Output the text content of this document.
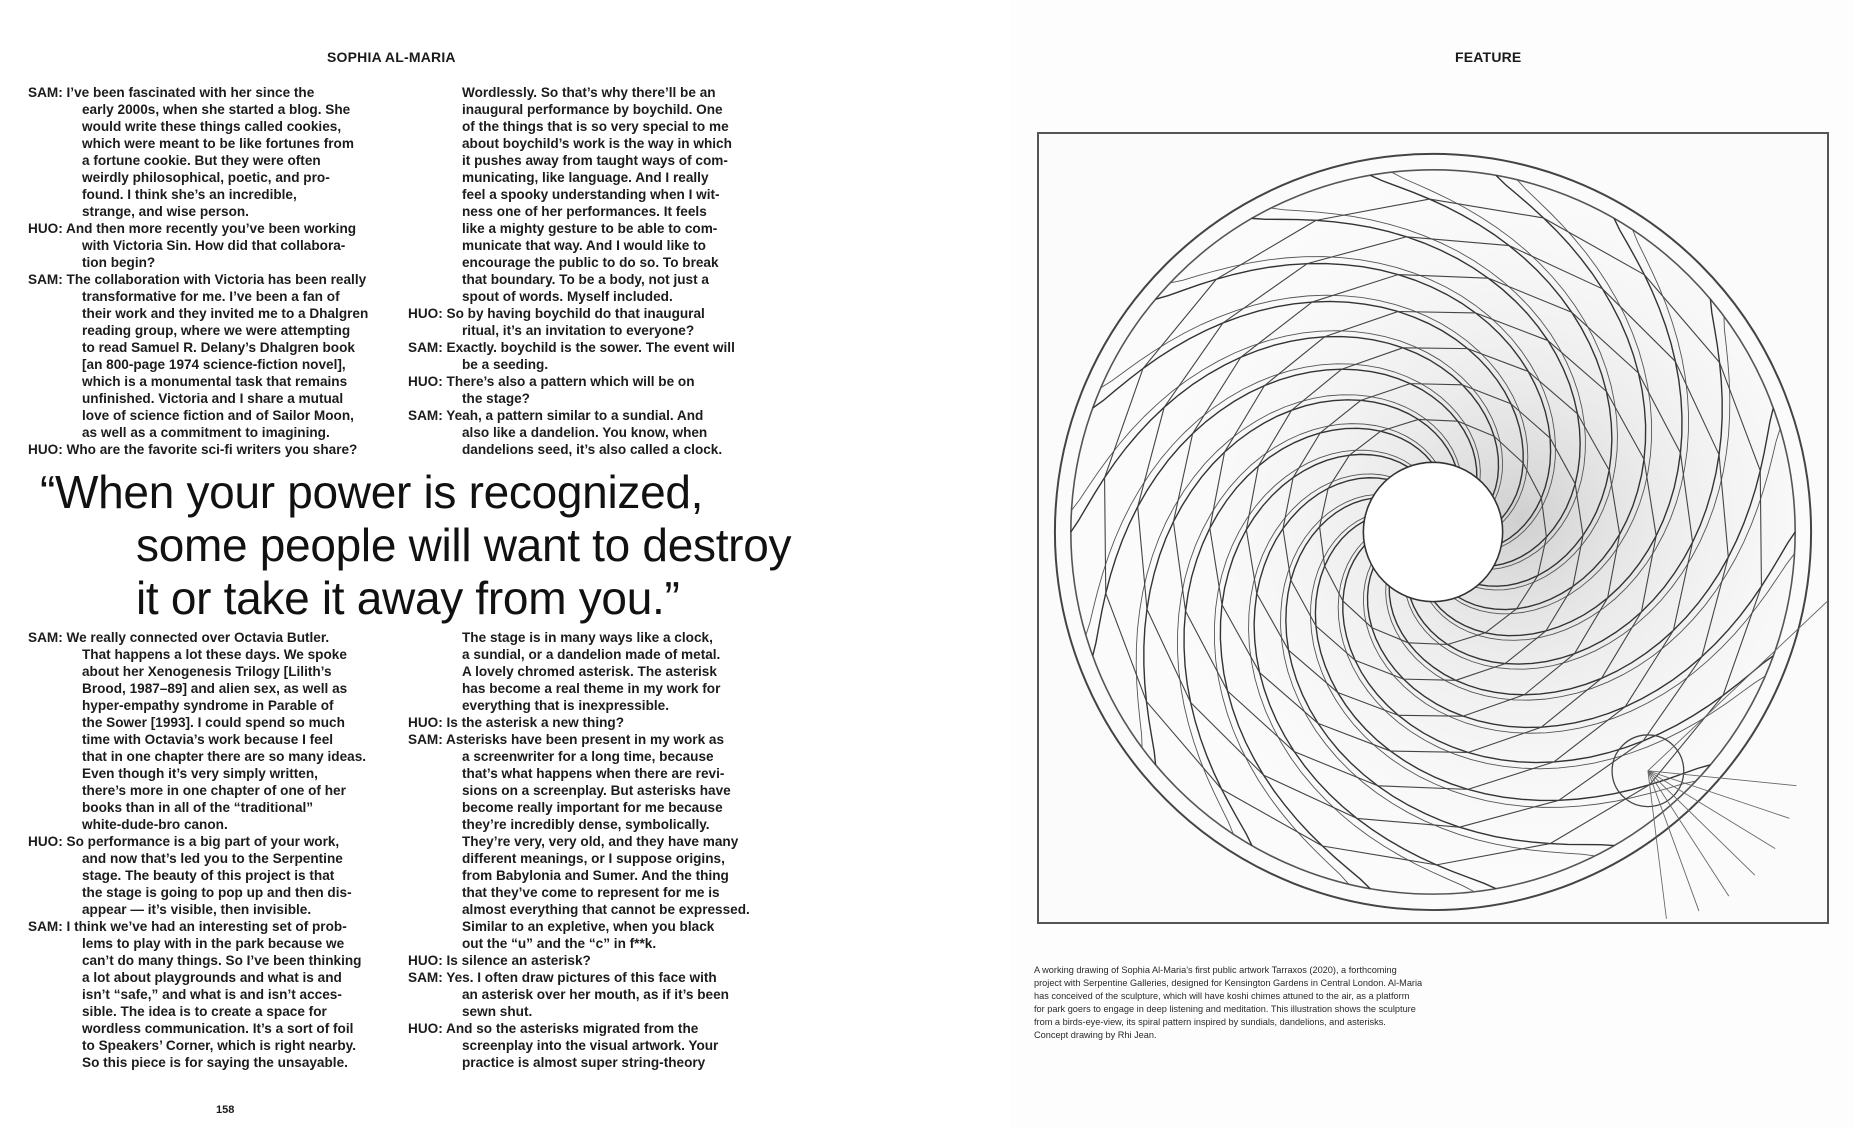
SOPHIA AL-MARIA
SAM: I’ve been fascinated with her since the
early 2000s, when she started a blog. She
would write these things called cookies,
which were meant to be like fortunes from
a fortune cookie. But they were often
weirdly philosophical, poetic, and pro-
found. I think she’s an incredible,
strange, and wise person.
HUO: And then more recently you’ve been working
with Victoria Sin. How did that collabora-
tion begin?
SAM: The collaboration with Victoria has been really
transformative for me. I’ve been a fan of
their work and they invited me to a Dhalgren
reading group, where we were attempting
to read Samuel R. Delany’s Dhalgren book
[an 800-page 1974 science-fiction novel],
which is a monumental task that remains
unfinished. Victoria and I share a mutual
love of science fiction and of Sailor Moon,
as well as a commitment to imagining.
HUO: Who are the favorite sci-fi writers you share?
Wordlessly. So that’s why there’ll be an
inaugural performance by boychild. One
of the things that is so very special to me
about boychild’s work is the way in which
it pushes away from taught ways of com-
municating, like language. And I really
feel a spooky understanding when I wit-
ness one of her performances. It feels
like a mighty gesture to be able to com-
municate that way. And I would like to
encourage the public to do so. To break
that boundary. To be a body, not just a
spout of words. Myself included.
HUO: So by having boychild do that inaugural
ritual, it’s an invitation to everyone?
SAM: Exactly. boychild is the sower. The event will
be a seeding.
HUO: There’s also a pattern which will be on
the stage?
SAM: Yeah, a pattern similar to a sundial. And
also like a dandelion. You know, when
dandelions seed, it’s also called a clock.
“When your power is recognized,
some people will want to destroy
it or take it away from you.”
SAM: We really connected over Octavia Butler.
That happens a lot these days. We spoke
about her Xenogenesis Trilogy [Lilith’s
Brood, 1987–89] and alien sex, as well as
hyper-empathy syndrome in Parable of
the Sower [1993]. I could spend so much
time with Octavia’s work because I feel
that in one chapter there are so many ideas.
Even though it’s very simply written,
there’s more in one chapter of one of her
books than in all of the “traditional”
white-dude-bro canon.
HUO: So performance is a big part of your work,
and now that’s led you to the Serpentine
stage. The beauty of this project is that
the stage is going to pop up and then dis-
appear — it’s visible, then invisible.
SAM: I think we’ve had an interesting set of prob-
lems to play with in the park because we
can’t do many things. So I’ve been thinking
a lot about playgrounds and what is and
isn’t “safe,” and what is and isn’t acces-
sible. The idea is to create a space for
wordless communication. It’s a sort of foil
to Speakers’ Corner, which is right nearby.
So this piece is for saying the unsayable.
The stage is in many ways like a clock,
a sundial, or a dandelion made of metal.
A lovely chromed asterisk. The asterisk
has become a real theme in my work for
everything that is inexpressible.
HUO: Is the asterisk a new thing?
SAM: Asterisks have been present in my work as
a screenwriter for a long time, because
that’s what happens when there are revi-
sions on a screenplay. But asterisks have
become really important for me because
they’re incredibly dense, symbolically.
They’re very, very old, and they have many
different meanings, or I suppose origins,
from Babylonia and Sumer. And the thing
that they’ve come to represent for me is
almost everything that cannot be expressed.
Similar to an expletive, when you black
out the “u” and the “c” in f**k.
HUO: Is silence an asterisk?
SAM: Yes. I often draw pictures of this face with
an asterisk over her mouth, as if it’s been
sewn shut.
HUO: And so the asterisks migrated from the
screenplay into the visual artwork. Your
practice is almost super string-theory
158
FEATURE
A working drawing of Sophia Al-Maria’s first public artwork Tarraxos (2020), a forthcoming
project with Serpentine Galleries, designed for Kensington Gardens in Central London. Al-Maria
has conceived of the sculpture, which will have koshi chimes attuned to the air, as a platform
for park goers to engage in deep listening and meditation. This illustration shows the sculpture
from a birds-eye-view, its spiral pattern inspired by sundials, dandelions, and asterisks.
Concept drawing by Rhi Jean.
